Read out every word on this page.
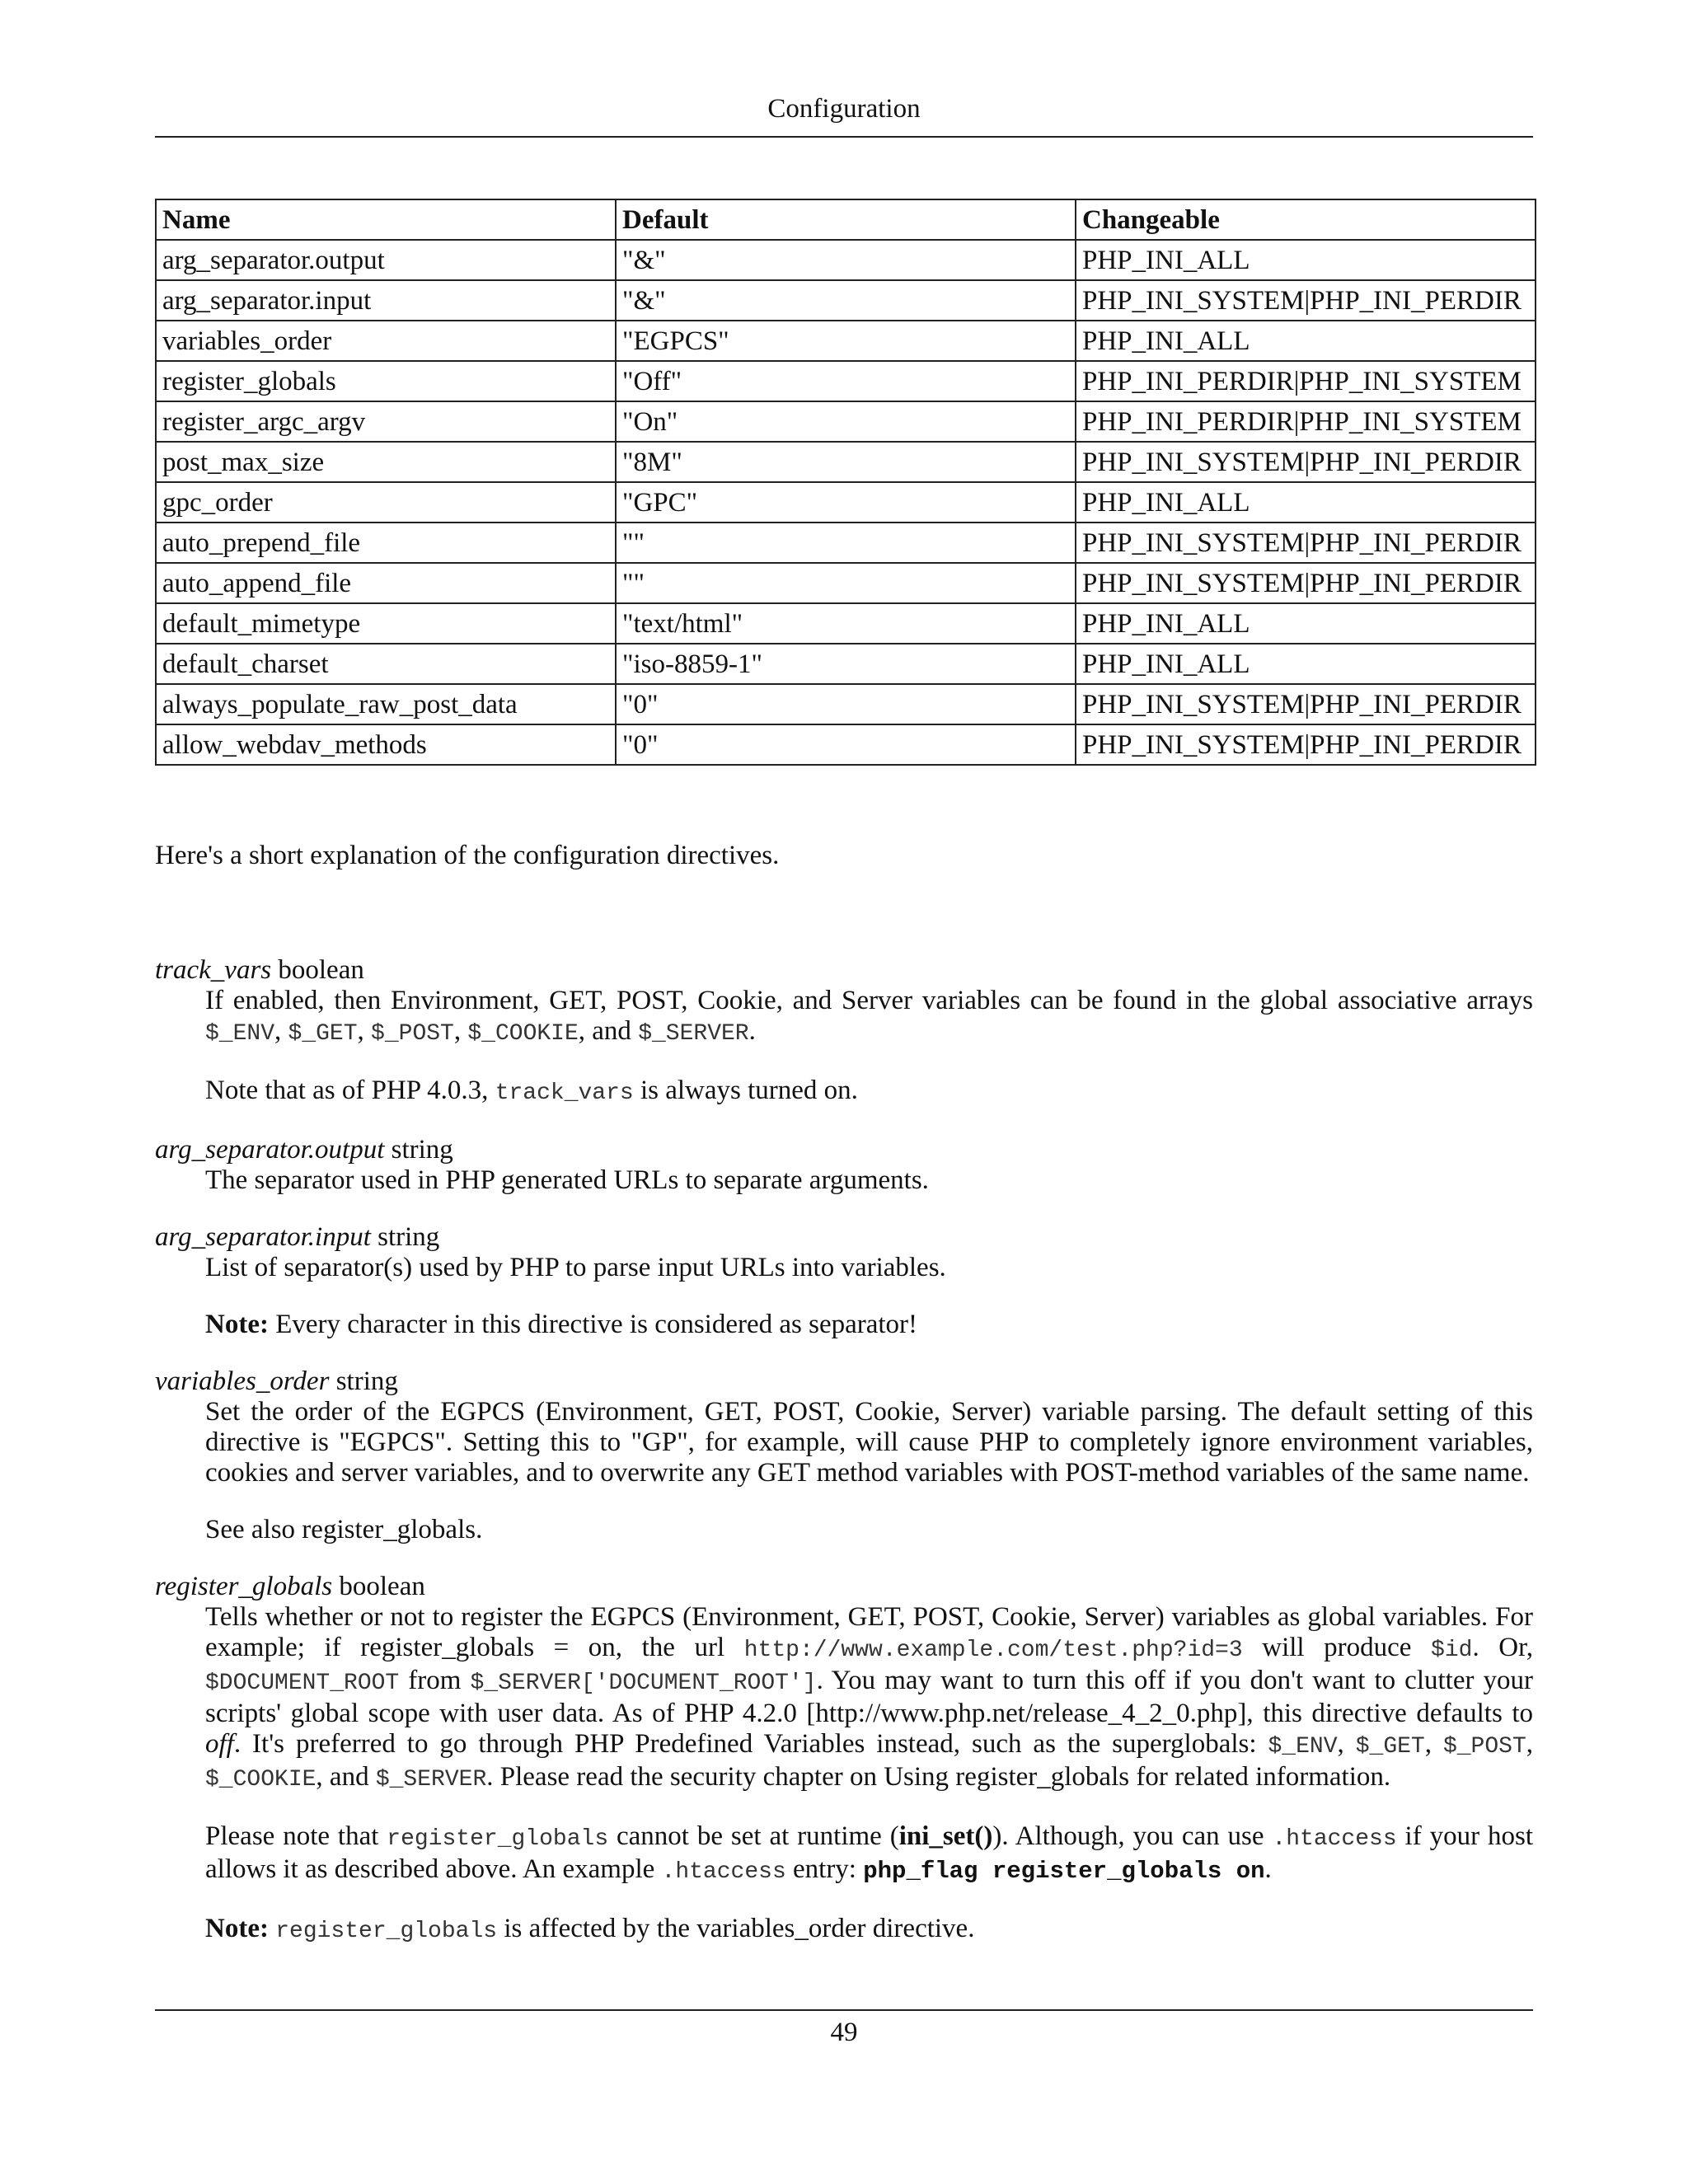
Configuration
Name	Default	Changeable
arg_separator.output	"&"	PHP_INI_ALL
arg_separator.input	"&"	PHP_INI_SYSTEM|PHP_INI_PERDIR
variables_order	"EGPCS"	PHP_INI_ALL
register_globals	"Off"	PHP_INI_PERDIR|PHP_INI_SYSTEM
register_argc_argv	"On"	PHP_INI_PERDIR|PHP_INI_SYSTEM
post_max_size	"8M"	PHP_INI_SYSTEM|PHP_INI_PERDIR
gpc_order	"GPC"	PHP_INI_ALL
auto_prepend_file	""	PHP_INI_SYSTEM|PHP_INI_PERDIR
auto_append_file	""	PHP_INI_SYSTEM|PHP_INI_PERDIR
default_mimetype	"text/html"	PHP_INI_ALL
default_charset	"iso-8859-1"	PHP_INI_ALL
always_populate_raw_post_data	"0"	PHP_INI_SYSTEM|PHP_INI_PERDIR
allow_webdav_methods	"0"	PHP_INI_SYSTEM|PHP_INI_PERDIR

Here's a short explanation of the configuration directives.

track_vars boolean

If enabled, then Environment, GET, POST, Cookie, and Server variables can be found in the global associative arrays $_ENV, $_GET, $_POST, $_COOKIE, and $_SERVER.

Note that as of PHP 4.0.3, track_vars is always turned on.

arg_separator.output string

The separator used in PHP generated URLs to separate arguments.

arg_separator.input string

List of separator(s) used by PHP to parse input URLs into variables.

Note: Every character in this directive is considered as separator!

variables_order string

Set the order of the EGPCS (Environment, GET, POST, Cookie, Server) variable parsing. The default setting of this directive is "EGPCS". Setting this to "GP", for example, will cause PHP to completely ignore environment variables, cookies and server variables, and to overwrite any GET method variables with POST-method variables of the same name.

See also register_globals.

register_globals boolean

Tells whether or not to register the EGPCS (Environment, GET, POST, Cookie, Server) variables as global variables. For example; if register_globals = on, the url http://www.example.com/test.php?id=3 will produce $id. Or, $DOCUMENT_ROOT from $_SERVER['DOCUMENT_ROOT']. You may want to turn this off if you don't want to clutter your scripts' global scope with user data. As of PHP 4.2.0 [http://www.php.net/release_4_2_0.php], this directive defaults to off. It's preferred to go through PHP Predefined Variables instead, such as the superglobals: $_ENV, $_GET, $_POST, $_COOKIE, and $_SERVER. Please read the security chapter on Using register_globals for related information.

Please note that register_globals cannot be set at runtime (ini_set()). Although, you can use .htaccess if your host allows it as described above. An example .htaccess entry: php_flag register_globals on.

Note: register_globals is affected by the variables_order directive.

49
